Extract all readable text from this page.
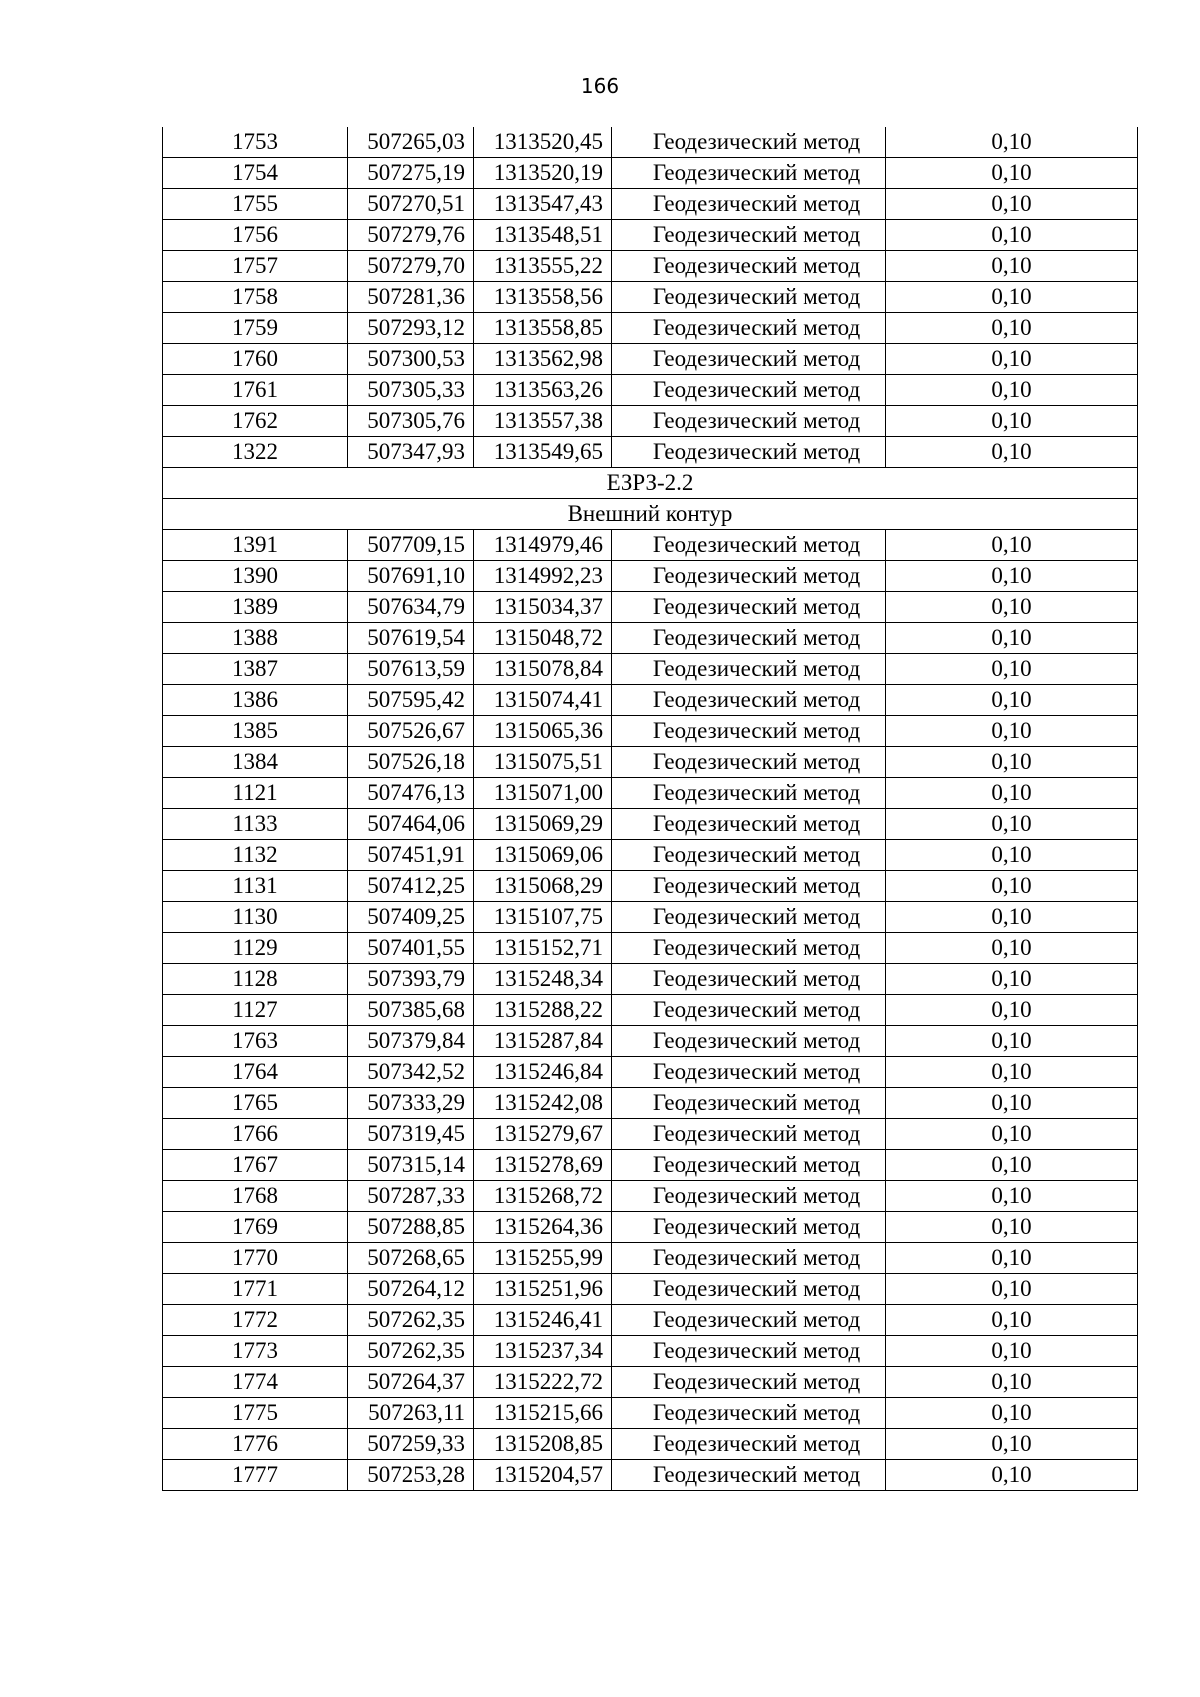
166
1753	507265,03	1313520,45	Геодезический метод	0,10
1754	507275,19	1313520,19	Геодезический метод	0,10
1755	507270,51	1313547,43	Геодезический метод	0,10
1756	507279,76	1313548,51	Геодезический метод	0,10
1757	507279,70	1313555,22	Геодезический метод	0,10
1758	507281,36	1313558,56	Геодезический метод	0,10
1759	507293,12	1313558,85	Геодезический метод	0,10
1760	507300,53	1313562,98	Геодезический метод	0,10
1761	507305,33	1313563,26	Геодезический метод	0,10
1762	507305,76	1313557,38	Геодезический метод	0,10
1322	507347,93	1313549,65	Геодезический метод	0,10
ЕЗРЗ-2.2				
Внешний контур				
1391	507709,15	1314979,46	Геодезический метод	0,10
1390	507691,10	1314992,23	Геодезический метод	0,10
1389	507634,79	1315034,37	Геодезический метод	0,10
1388	507619,54	1315048,72	Геодезический метод	0,10
1387	507613,59	1315078,84	Геодезический метод	0,10
1386	507595,42	1315074,41	Геодезический метод	0,10
1385	507526,67	1315065,36	Геодезический метод	0,10
1384	507526,18	1315075,51	Геодезический метод	0,10
1121	507476,13	1315071,00	Геодезический метод	0,10
1133	507464,06	1315069,29	Геодезический метод	0,10
1132	507451,91	1315069,06	Геодезический метод	0,10
1131	507412,25	1315068,29	Геодезический метод	0,10
1130	507409,25	1315107,75	Геодезический метод	0,10
1129	507401,55	1315152,71	Геодезический метод	0,10
1128	507393,79	1315248,34	Геодезический метод	0,10
1127	507385,68	1315288,22	Геодезический метод	0,10
1763	507379,84	1315287,84	Геодезический метод	0,10
1764	507342,52	1315246,84	Геодезический метод	0,10
1765	507333,29	1315242,08	Геодезический метод	0,10
1766	507319,45	1315279,67	Геодезический метод	0,10
1767	507315,14	1315278,69	Геодезический метод	0,10
1768	507287,33	1315268,72	Геодезический метод	0,10
1769	507288,85	1315264,36	Геодезический метод	0,10
1770	507268,65	1315255,99	Геодезический метод	0,10
1771	507264,12	1315251,96	Геодезический метод	0,10
1772	507262,35	1315246,41	Геодезический метод	0,10
1773	507262,35	1315237,34	Геодезический метод	0,10
1774	507264,37	1315222,72	Геодезический метод	0,10
1775	507263,11	1315215,66	Геодезический метод	0,10
1776	507259,33	1315208,85	Геодезический метод	0,10
1777	507253,28	1315204,57	Геодезический метод	0,10
